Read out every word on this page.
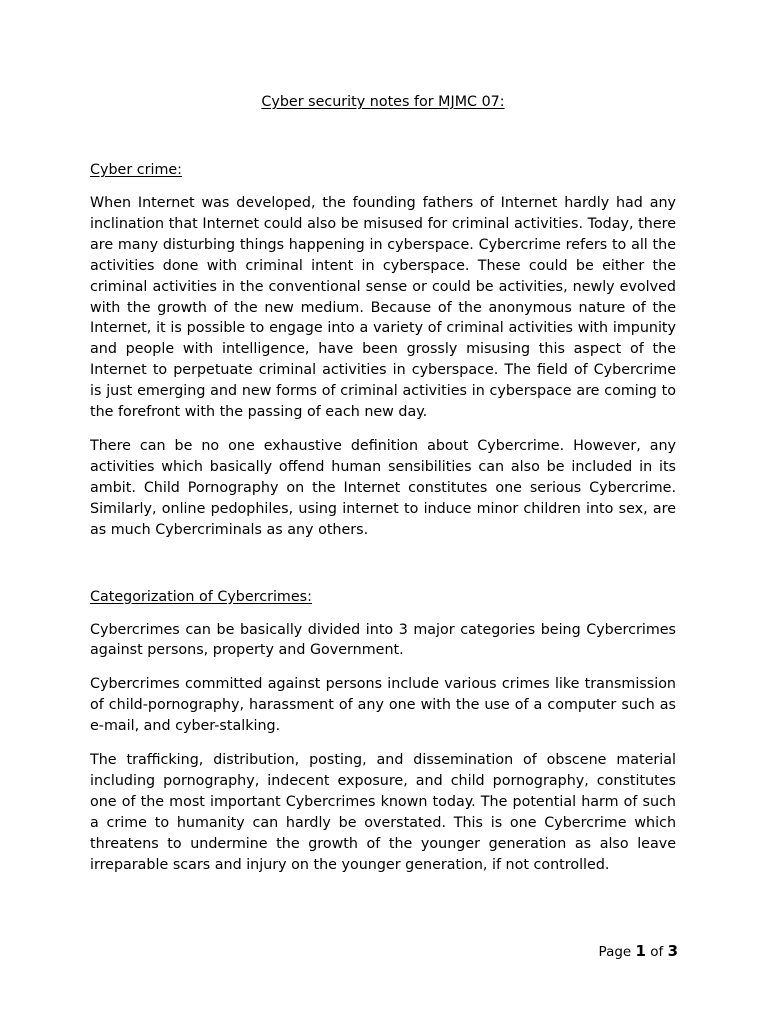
Cyber security notes for MJMC 07:
Cyber crime:

When Internet was developed, the founding fathers of Internet hardly had any inclination that Internet could also be misused for criminal activities. Today, there are many disturbing things happening in cyberspace. Cybercrime refers to all the activities done with criminal intent in cyberspace. These could be either the criminal activities in the conventional sense or could be activities, newly evolved with the growth of the new medium. Because of the anonymous nature of the Internet, it is possible to engage into a variety of criminal activities with impunity and people with intelligence, have been grossly misusing this aspect of the Internet to perpetuate criminal activities in cyberspace. The field of Cybercrime is just emerging and new forms of criminal activities in cyberspace are coming to the forefront with the passing of each new day.

There can be no one exhaustive definition about Cybercrime. However, any activities which basically offend human sensibilities can also be included in its ambit. Child Pornography on the Internet constitutes one serious Cybercrime. Similarly, online pedophiles, using internet to induce minor children into sex, are as much Cybercriminals as any others.

Categorization of Cybercrimes:

Cybercrimes can be basically divided into 3 major categories being Cybercrimes against persons, property and Government.

Cybercrimes committed against persons include various crimes like transmission of child-pornography, harassment of any one with the use of a computer such as e-mail, and cyber-stalking.

The trafficking, distribution, posting, and dissemination of obscene material including pornography, indecent exposure, and child pornography, constitutes one of the most important Cybercrimes known today. The potential harm of such a crime to humanity can hardly be overstated. This is one Cybercrime which threatens to undermine the growth of the younger generation as also leave irreparable scars and injury on the younger generation, if not controlled.

Page 1 of 3
